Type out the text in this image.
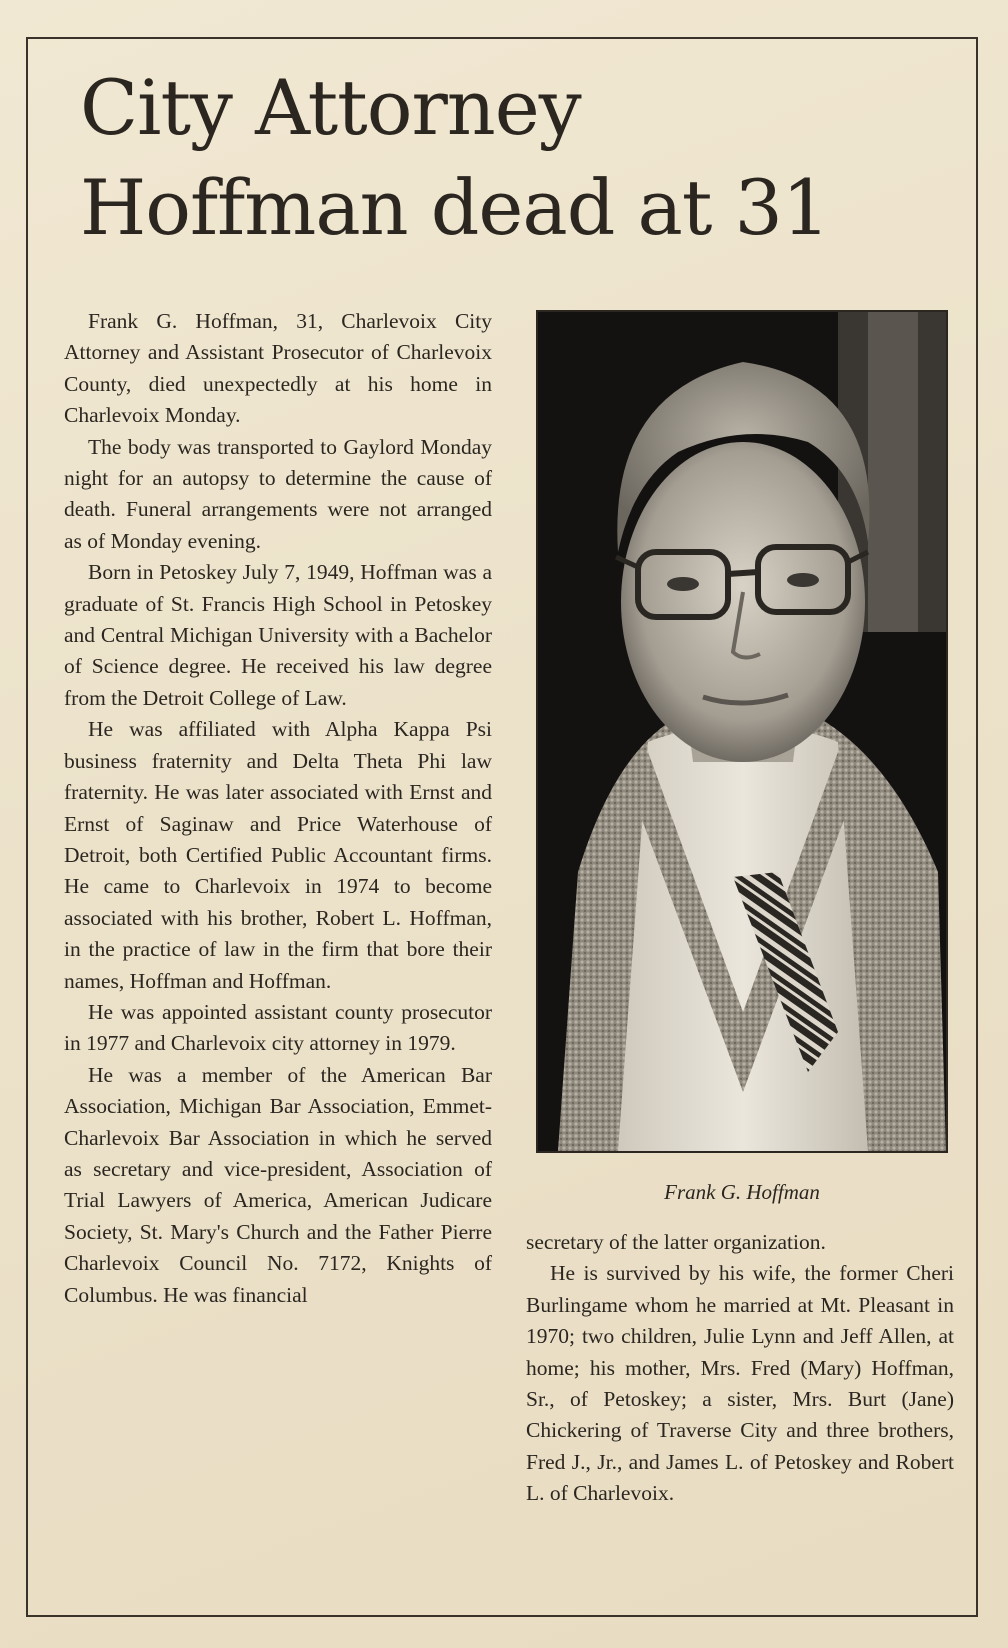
City Attorney
Hoffman dead at 31

Frank G. Hoffman, 31, Charlevoix City Attorney and Assistant Prosecutor of Charlevoix County, died unexpectedly at his home in Charlevoix Monday.

The body was transported to Gaylord Monday night for an autopsy to determine the cause of death. Funeral arrangements were not arranged as of Monday evening.

Born in Petoskey July 7, 1949, Hoffman was a graduate of St. Francis High School in Petoskey and Central Michigan University with a Bachelor of Science degree. He received his law degree from the Detroit College of Law.

He was affiliated with Alpha Kappa Psi business fraternity and Delta Theta Phi law fraternity. He was later associated with Ernst and Ernst of Saginaw and Price Waterhouse of Detroit, both Certified Public Accountant firms. He came to Charlevoix in 1974 to become associated with his brother, Robert L. Hoffman, in the practice of law in the firm that bore their names, Hoffman and Hoffman.

He was appointed assistant county prosecutor in 1977 and Charlevoix city attorney in 1979.

He was a member of the American Bar Association, Michigan Bar Association, Emmet-Charlevoix Bar Association in which he served as secretary and vice-president, Association of Trial Lawyers of America, American Judicare Society, St. Mary's Church and the Father Pierre Charlevoix Council No. 7172, Knights of Columbus. He was financial

Frank G. Hoffman

secretary of the latter organization.

He is survived by his wife, the former Cheri Burlingame whom he married at Mt. Pleasant in 1970; two children, Julie Lynn and Jeff Allen, at home; his mother, Mrs. Fred (Mary) Hoffman, Sr., of Petoskey; a sister, Mrs. Burt (Jane) Chickering of Traverse City and three brothers, Fred J., Jr., and James L. of Petoskey and Robert L. of Charlevoix.
